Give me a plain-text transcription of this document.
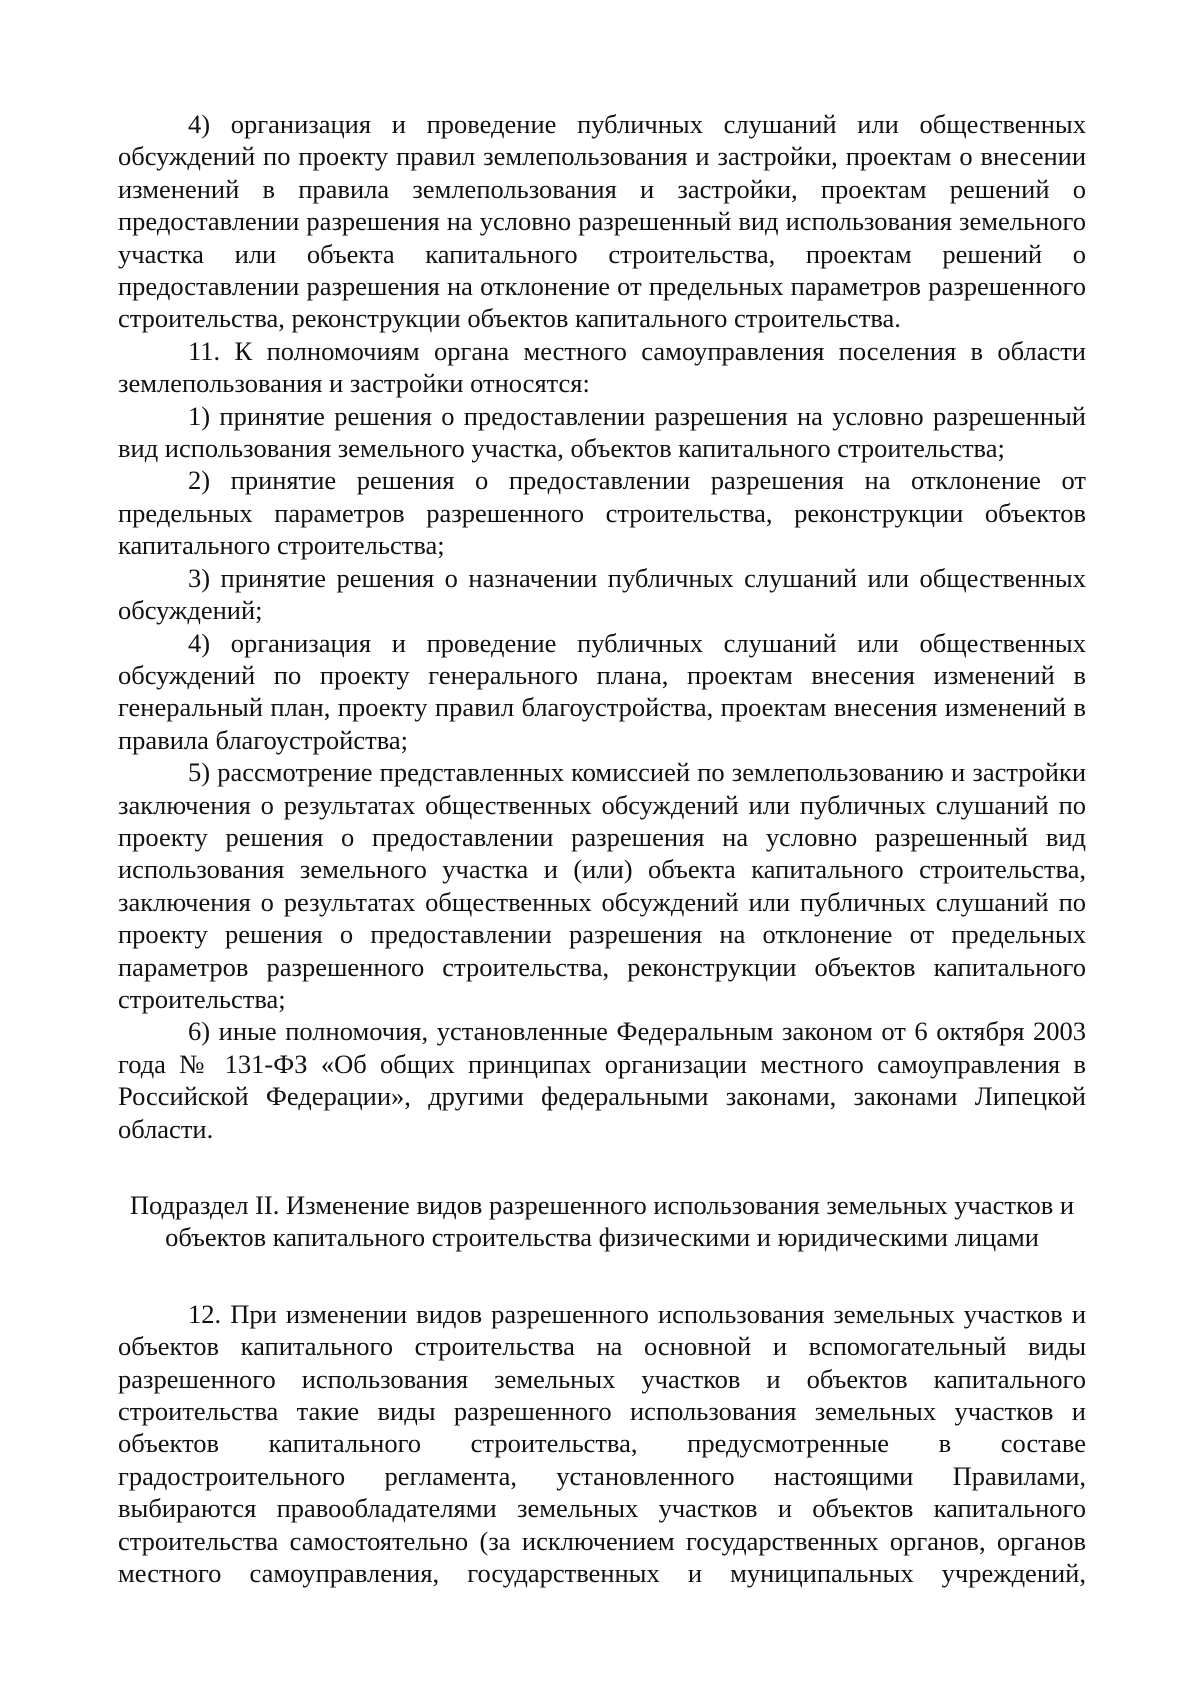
4) организация и проведение публичных слушаний или общественных обсуждений по проекту правил землепользования и застройки, проектам о внесении изменений в правила землепользования и застройки, проектам решений о предоставлении разрешения на условно разрешенный вид использования земельного участка или объекта капитального строительства, проектам решений о предоставлении разрешения на отклонение от предельных параметров разрешенного строительства, реконструкции объектов капитального строительства.

11. К полномочиям органа местного самоуправления поселения в области землепользования и застройки относятся:

1) принятие решения о предоставлении разрешения на условно разрешенный вид использования земельного участка, объектов капитального строительства;

2) принятие решения о предоставлении разрешения на отклонение от предельных параметров разрешенного строительства, реконструкции объектов капитального строительства;

3) принятие решения о назначении публичных слушаний или общественных обсуждений;

4) организация и проведение публичных слушаний или общественных обсуждений по проекту генерального плана, проектам внесения изменений в генеральный план, проекту правил благоустройства, проектам внесения изменений в правила благоустройства;

5) рассмотрение представленных комиссией по землепользованию и застройки заключения о результатах общественных обсуждений или публичных слушаний по проекту решения о предоставлении разрешения на условно разрешенный вид использования земельного участка и (или) объекта капитального строительства, заключения о результатах общественных обсуждений или публичных слушаний по проекту решения о предоставлении разрешения на отклонение от предельных параметров разрешенного строительства, реконструкции объектов капитального строительства;

6) иные полномочия, установленные Федеральным законом от 6 октября 2003 года № 131-ФЗ «Об общих принципах организации местного самоуправления в Российской Федерации», другими федеральными законами, законами Липецкой области.

Подраздел II. Изменение видов разрешенного использования земельных участков и объектов капитального строительства физическими и юридическими лицами

12. При изменении видов разрешенного использования земельных участков и объектов капитального строительства на основной и вспомогательный виды разрешенного использования земельных участков и объектов капитального строительства такие виды разрешенного использования земельных участков и объектов капитального строительства, предусмотренные в составе градостроительного регламента, установленного настоящими Правилами, выбираются правообладателями земельных участков и объектов капитального строительства самостоятельно (за исключением государственных органов, органов местного самоуправления, государственных и муниципальных учреждений,
